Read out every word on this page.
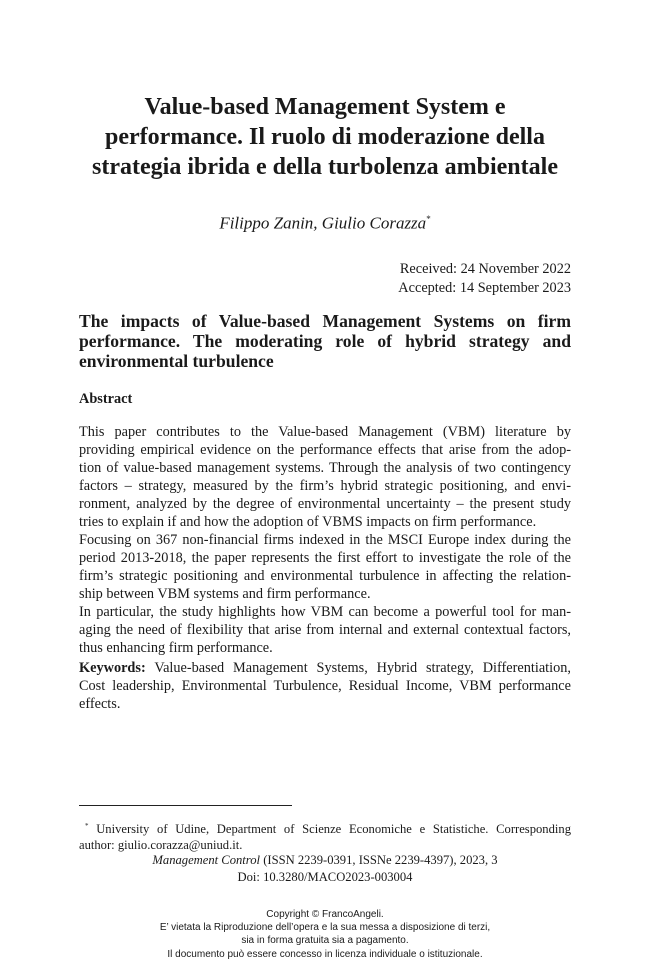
Value-based Management System e
performance. Il ruolo di moderazione della
strategia ibrida e della turbolenza ambientale
Filippo Zanin, Giulio Corazza*
Received: 24 November 2022
Accepted: 14 September 2023
The impacts of Value-based Management Systems on firm performance. The moderating role of hybrid strategy and environmental turbulence
Abstract
This paper contributes to the Value-based Management (VBM) literature by
providing empirical evidence on the performance effects that arise from the adop-
tion of value-based management systems. Through the analysis of two contingency
factors – strategy, measured by the firm’s hybrid strategic positioning, and envi-
ronment, analyzed by the degree of environmental uncertainty – the present study
tries to explain if and how the adoption of VBMS impacts on firm performance.
Focusing on 367 non-financial firms indexed in the MSCI Europe index during the
period 2013-2018, the paper represents the first effort to investigate the role of the
firm’s strategic positioning and environmental turbulence in affecting the relation-
ship between VBM systems and firm performance.
In particular, the study highlights how VBM can become a powerful tool for man-
aging the need of flexibility that arise from internal and external contextual factors,
thus enhancing firm performance.
Keywords: Value-based Management Systems, Hybrid strategy, Differentiation,
Cost leadership, Environmental Turbulence, Residual Income, VBM performance
effects.
* University of Udine, Department of Scienze Economiche e Statistiche. Corresponding
author: giulio.corazza@uniud.it.
Management Control (ISSN 2239-0391, ISSNe 2239-4397), 2023, 3
Doi: 10.3280/MACO2023-003004
Copyright © FrancoAngeli.
E’ vietata la Riproduzione dell’opera e la sua messa a disposizione di terzi,
sia in forma gratuita sia a pagamento.
Il documento può essere concesso in licenza individuale o istituzionale.
